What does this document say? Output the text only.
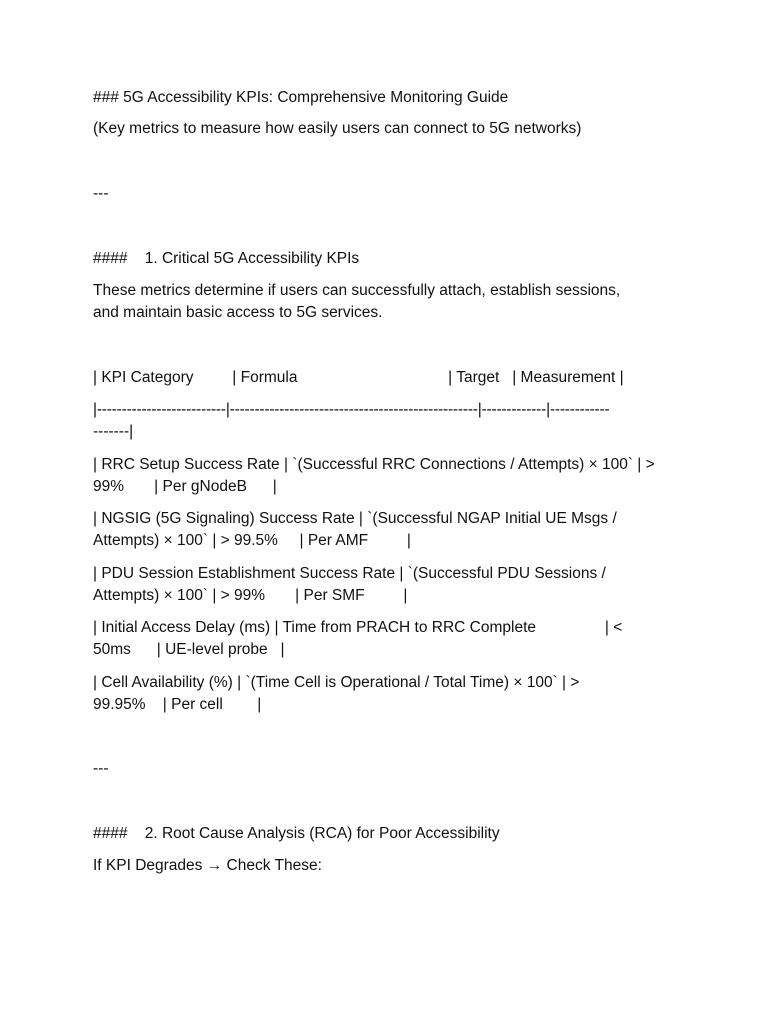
### 5G Accessibility KPIs: Comprehensive Monitoring Guide

(Key metrics to measure how easily users can connect to 5G networks)

---

####    1. Critical 5G Accessibility KPIs

These metrics determine if users can successfully attach, establish sessions,

and maintain basic access to 5G services.

| KPI Category         | Formula                                   | Target   | Measurement |

|--------------------------|--------------------------------------------------|-------------|------------

-------|

| RRC Setup Success Rate | `(Successful RRC Connections / Attempts) × 100` | >

99%       | Per gNodeB      |

| NGSIG (5G Signaling) Success Rate | `(Successful NGAP Initial UE Msgs /

Attempts) × 100` | > 99.5%     | Per AMF         |

| PDU Session Establishment Success Rate | `(Successful PDU Sessions /

Attempts) × 100` | > 99%       | Per SMF         |

| Initial Access Delay (ms) | Time from PRACH to RRC Complete                | <

50ms      | UE-level probe   |

| Cell Availability (%) | `(Time Cell is Operational / Total Time) × 100` | >

99.95%    | Per cell        |

---

####    2. Root Cause Analysis (RCA) for Poor Accessibility

If KPI Degrades → Check These:
